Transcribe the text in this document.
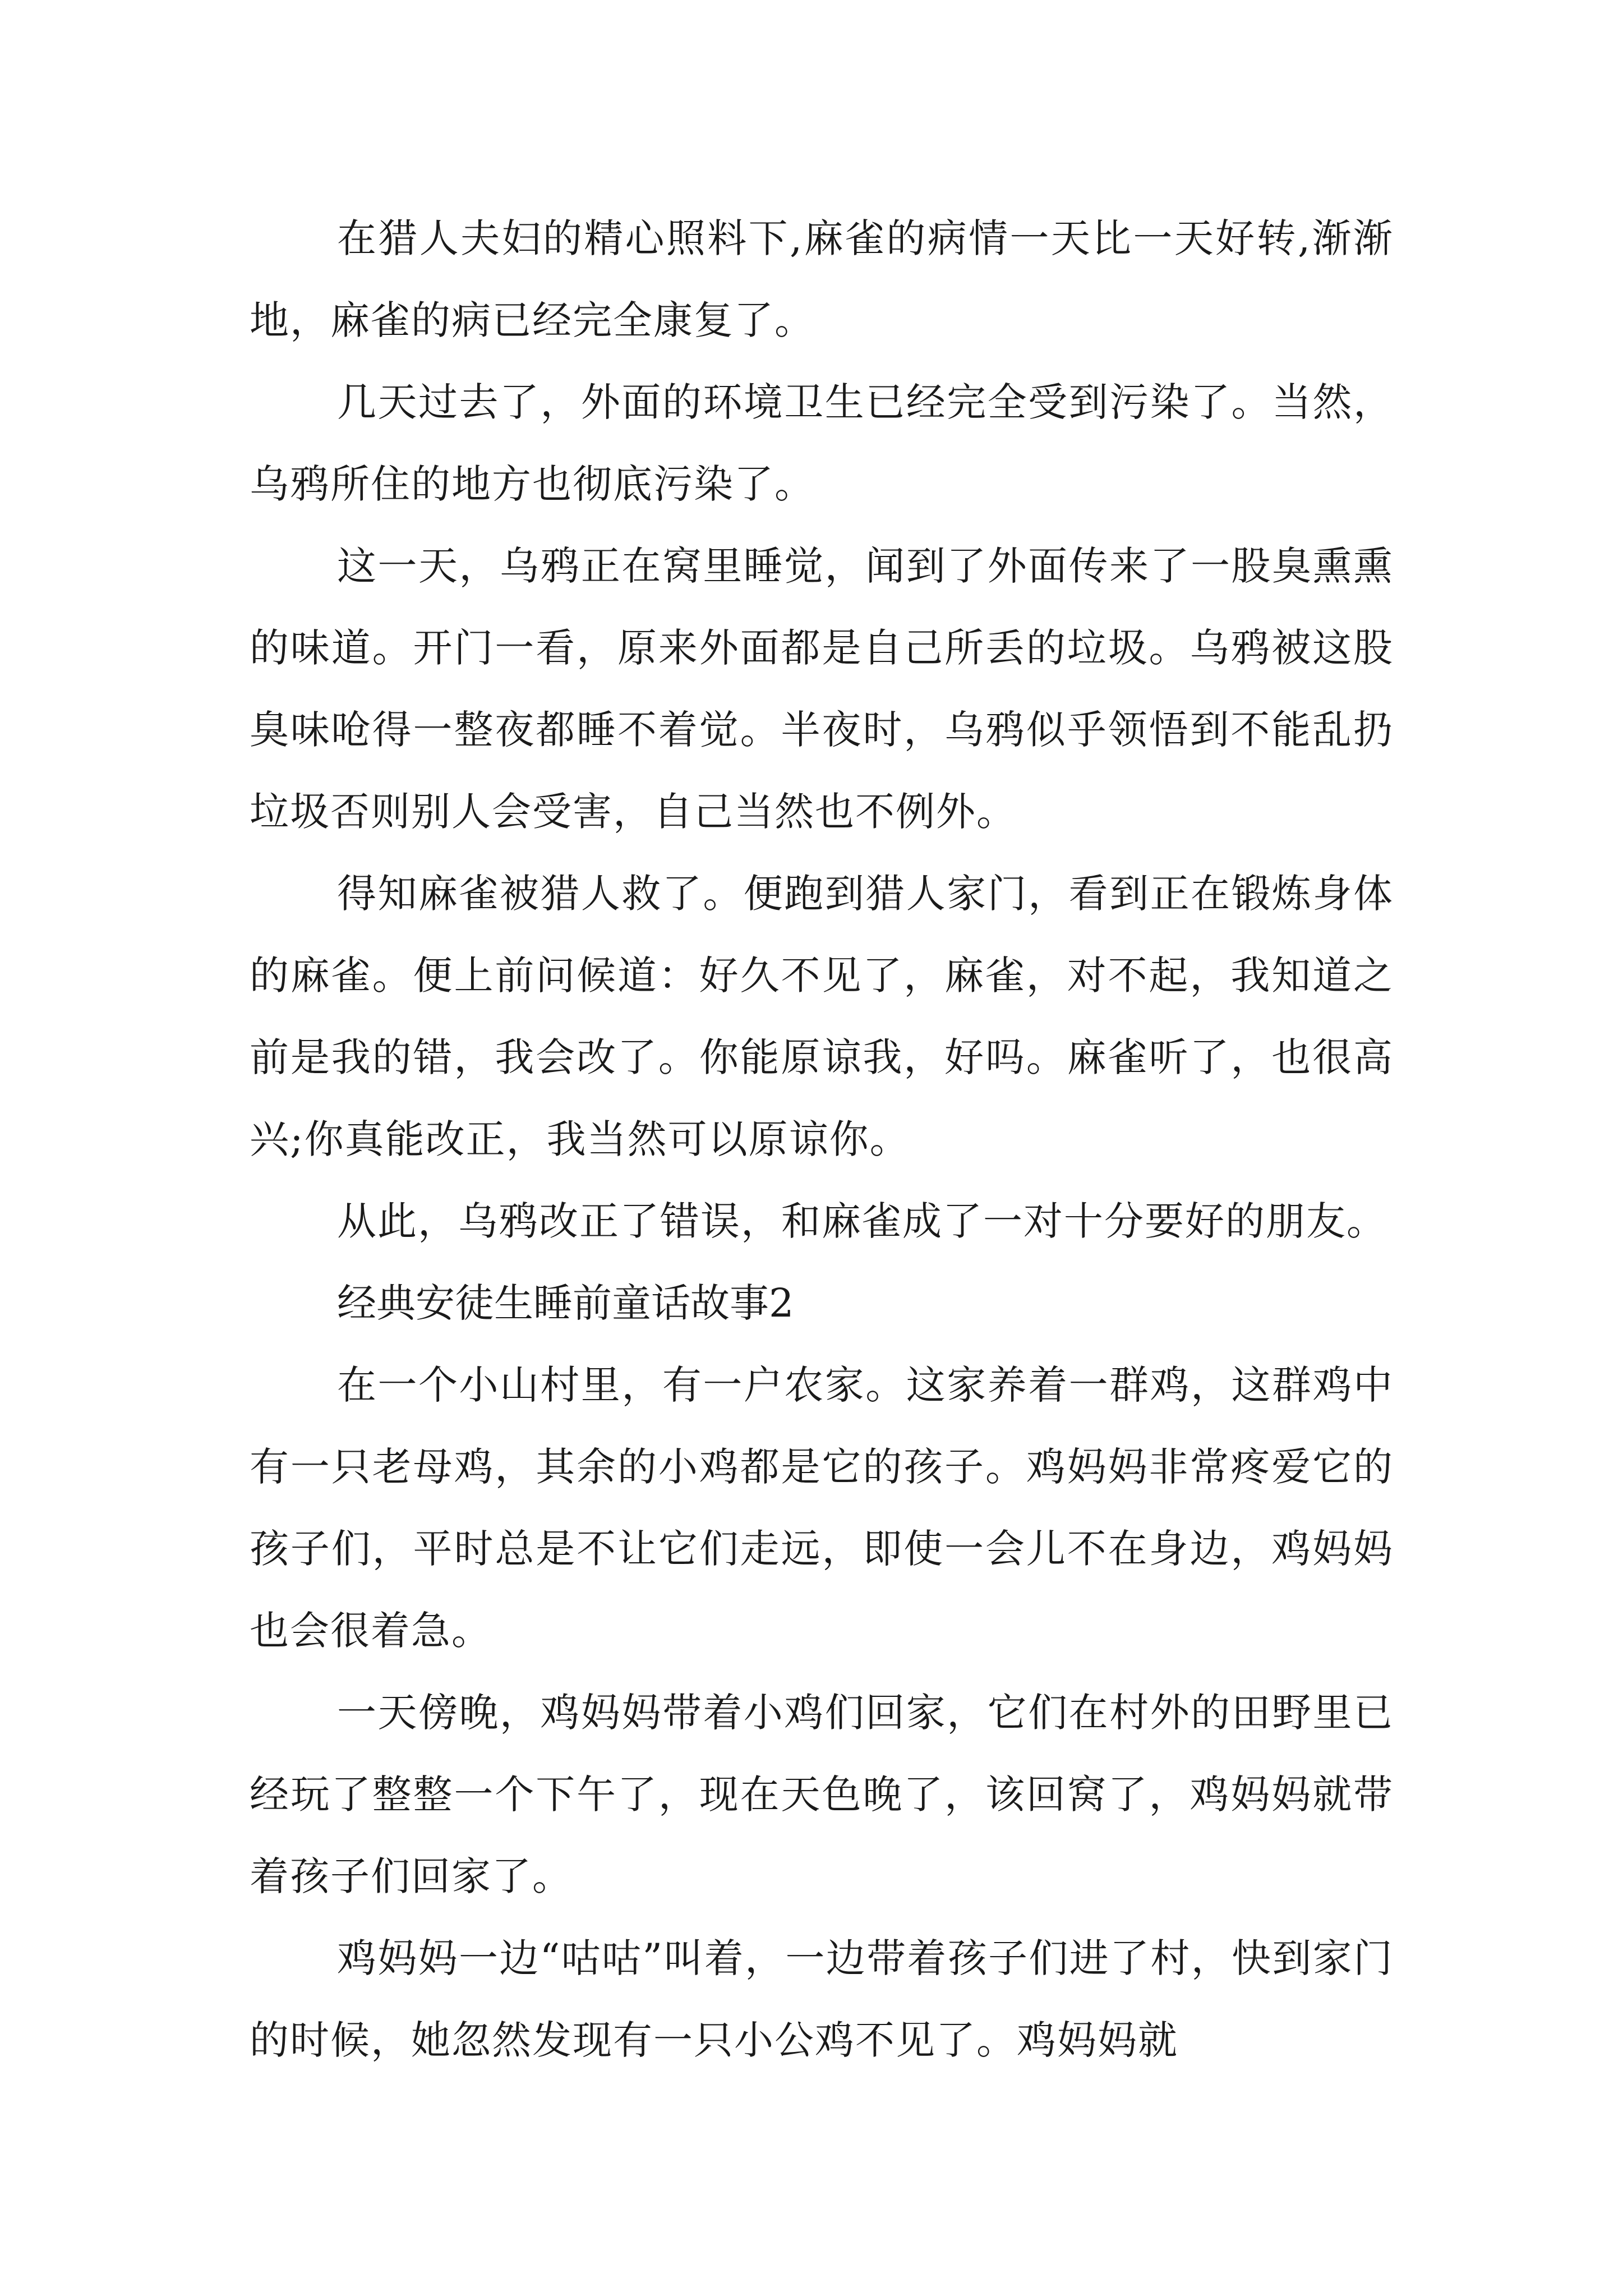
在猎人夫妇的精心照料下,麻雀的病情一天比一天好转,渐渐地，麻雀的病已经完全康复了。

几天过去了，外面的环境卫生已经完全受到污染了。当然，乌鸦所住的地方也彻底污染了。

这一天，乌鸦正在窝里睡觉，闻到了外面传来了一股臭熏熏的味道。开门一看，原来外面都是自己所丢的垃圾。乌鸦被这股臭味呛得一整夜都睡不着觉。半夜时，乌鸦似乎领悟到不能乱扔垃圾否则别人会受害，自己当然也不例外。

得知麻雀被猎人救了。便跑到猎人家门，看到正在锻炼身体的麻雀。便上前问候道：好久不见了，麻雀，对不起，我知道之前是我的错，我会改了。你能原谅我，好吗。麻雀听了，也很高兴;你真能改正，我当然可以原谅你。

从此，乌鸦改正了错误，和麻雀成了一对十分要好的朋友。

经典安徒生睡前童话故事2

在一个小山村里，有一户农家。这家养着一群鸡，这群鸡中有一只老母鸡，其余的小鸡都是它的孩子。鸡妈妈非常疼爱它的孩子们，平时总是不让它们走远，即使一会儿不在身边，鸡妈妈也会很着急。

一天傍晚，鸡妈妈带着小鸡们回家，它们在村外的田野里已经玩了整整一个下午了，现在天色晚了，该回窝了，鸡妈妈就带着孩子们回家了。

鸡妈妈一边“咕咕”叫着，一边带着孩子们进了村，快到家门的时候，她忽然发现有一只小公鸡不见了。鸡妈妈就
